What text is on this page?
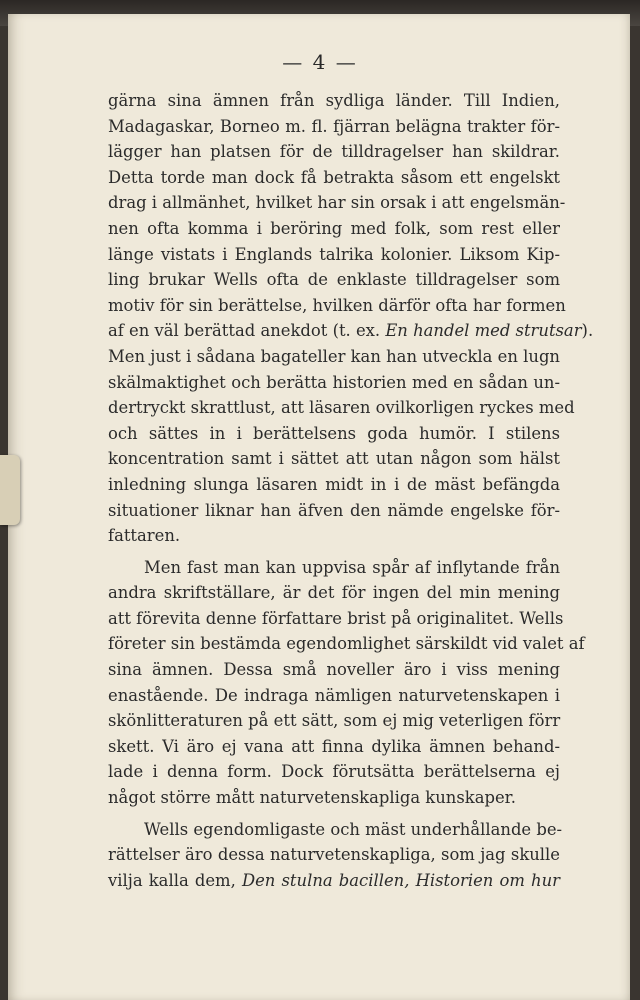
— 4 —
gärna sina ämnen från sydliga länder. Till Indien,
Madagaskar, Borneo m. fl. fjärran belägna trakter för-
lägger han platsen för de tilldragelser han skildrar.
Detta torde man dock få betrakta såsom ett engelskt
drag i allmänhet, hvilket har sin orsak i att engelsmän-
nen ofta komma i beröring med folk, som rest eller
länge vistats i Englands talrika kolonier. Liksom Kip-
ling brukar Wells ofta de enklaste tilldragelser som
motiv för sin berättelse, hvilken därför ofta har formen
af en väl berättad anekdot (t. ex. En handel med strutsar).
Men just i sådana bagateller kan han utveckla en lugn
skälmaktighet och berätta historien med en sådan un-
dertryckt skrattlust, att läsaren ovilkorligen ryckes med
och sättes in i berättelsens goda humör. I stilens
koncentration samt i sättet att utan någon som hälst
inledning slunga läsaren midt in i de mäst befängda
situationer liknar han äfven den nämde engelske för-
fattaren.
Men fast man kan uppvisa spår af inflytande från
andra skriftställare, är det för ingen del min mening
att förevita denne författare brist på originalitet. Wells
företer sin bestämda egendomlighet särskildt vid valet af
sina ämnen. Dessa små noveller äro i viss mening
enastående. De indraga nämligen naturvetenskapen i
skönlitteraturen på ett sätt, som ej mig veterligen förr
skett. Vi äro ej vana att finna dylika ämnen behand-
lade i denna form. Dock förutsätta berättelserna ej
något större mått naturvetenskapliga kunskaper.
Wells egendomligaste och mäst underhållande be-
rättelser äro dessa naturvetenskapliga, som jag skulle
vilja kalla dem, Den stulna bacillen, Historien om hur
